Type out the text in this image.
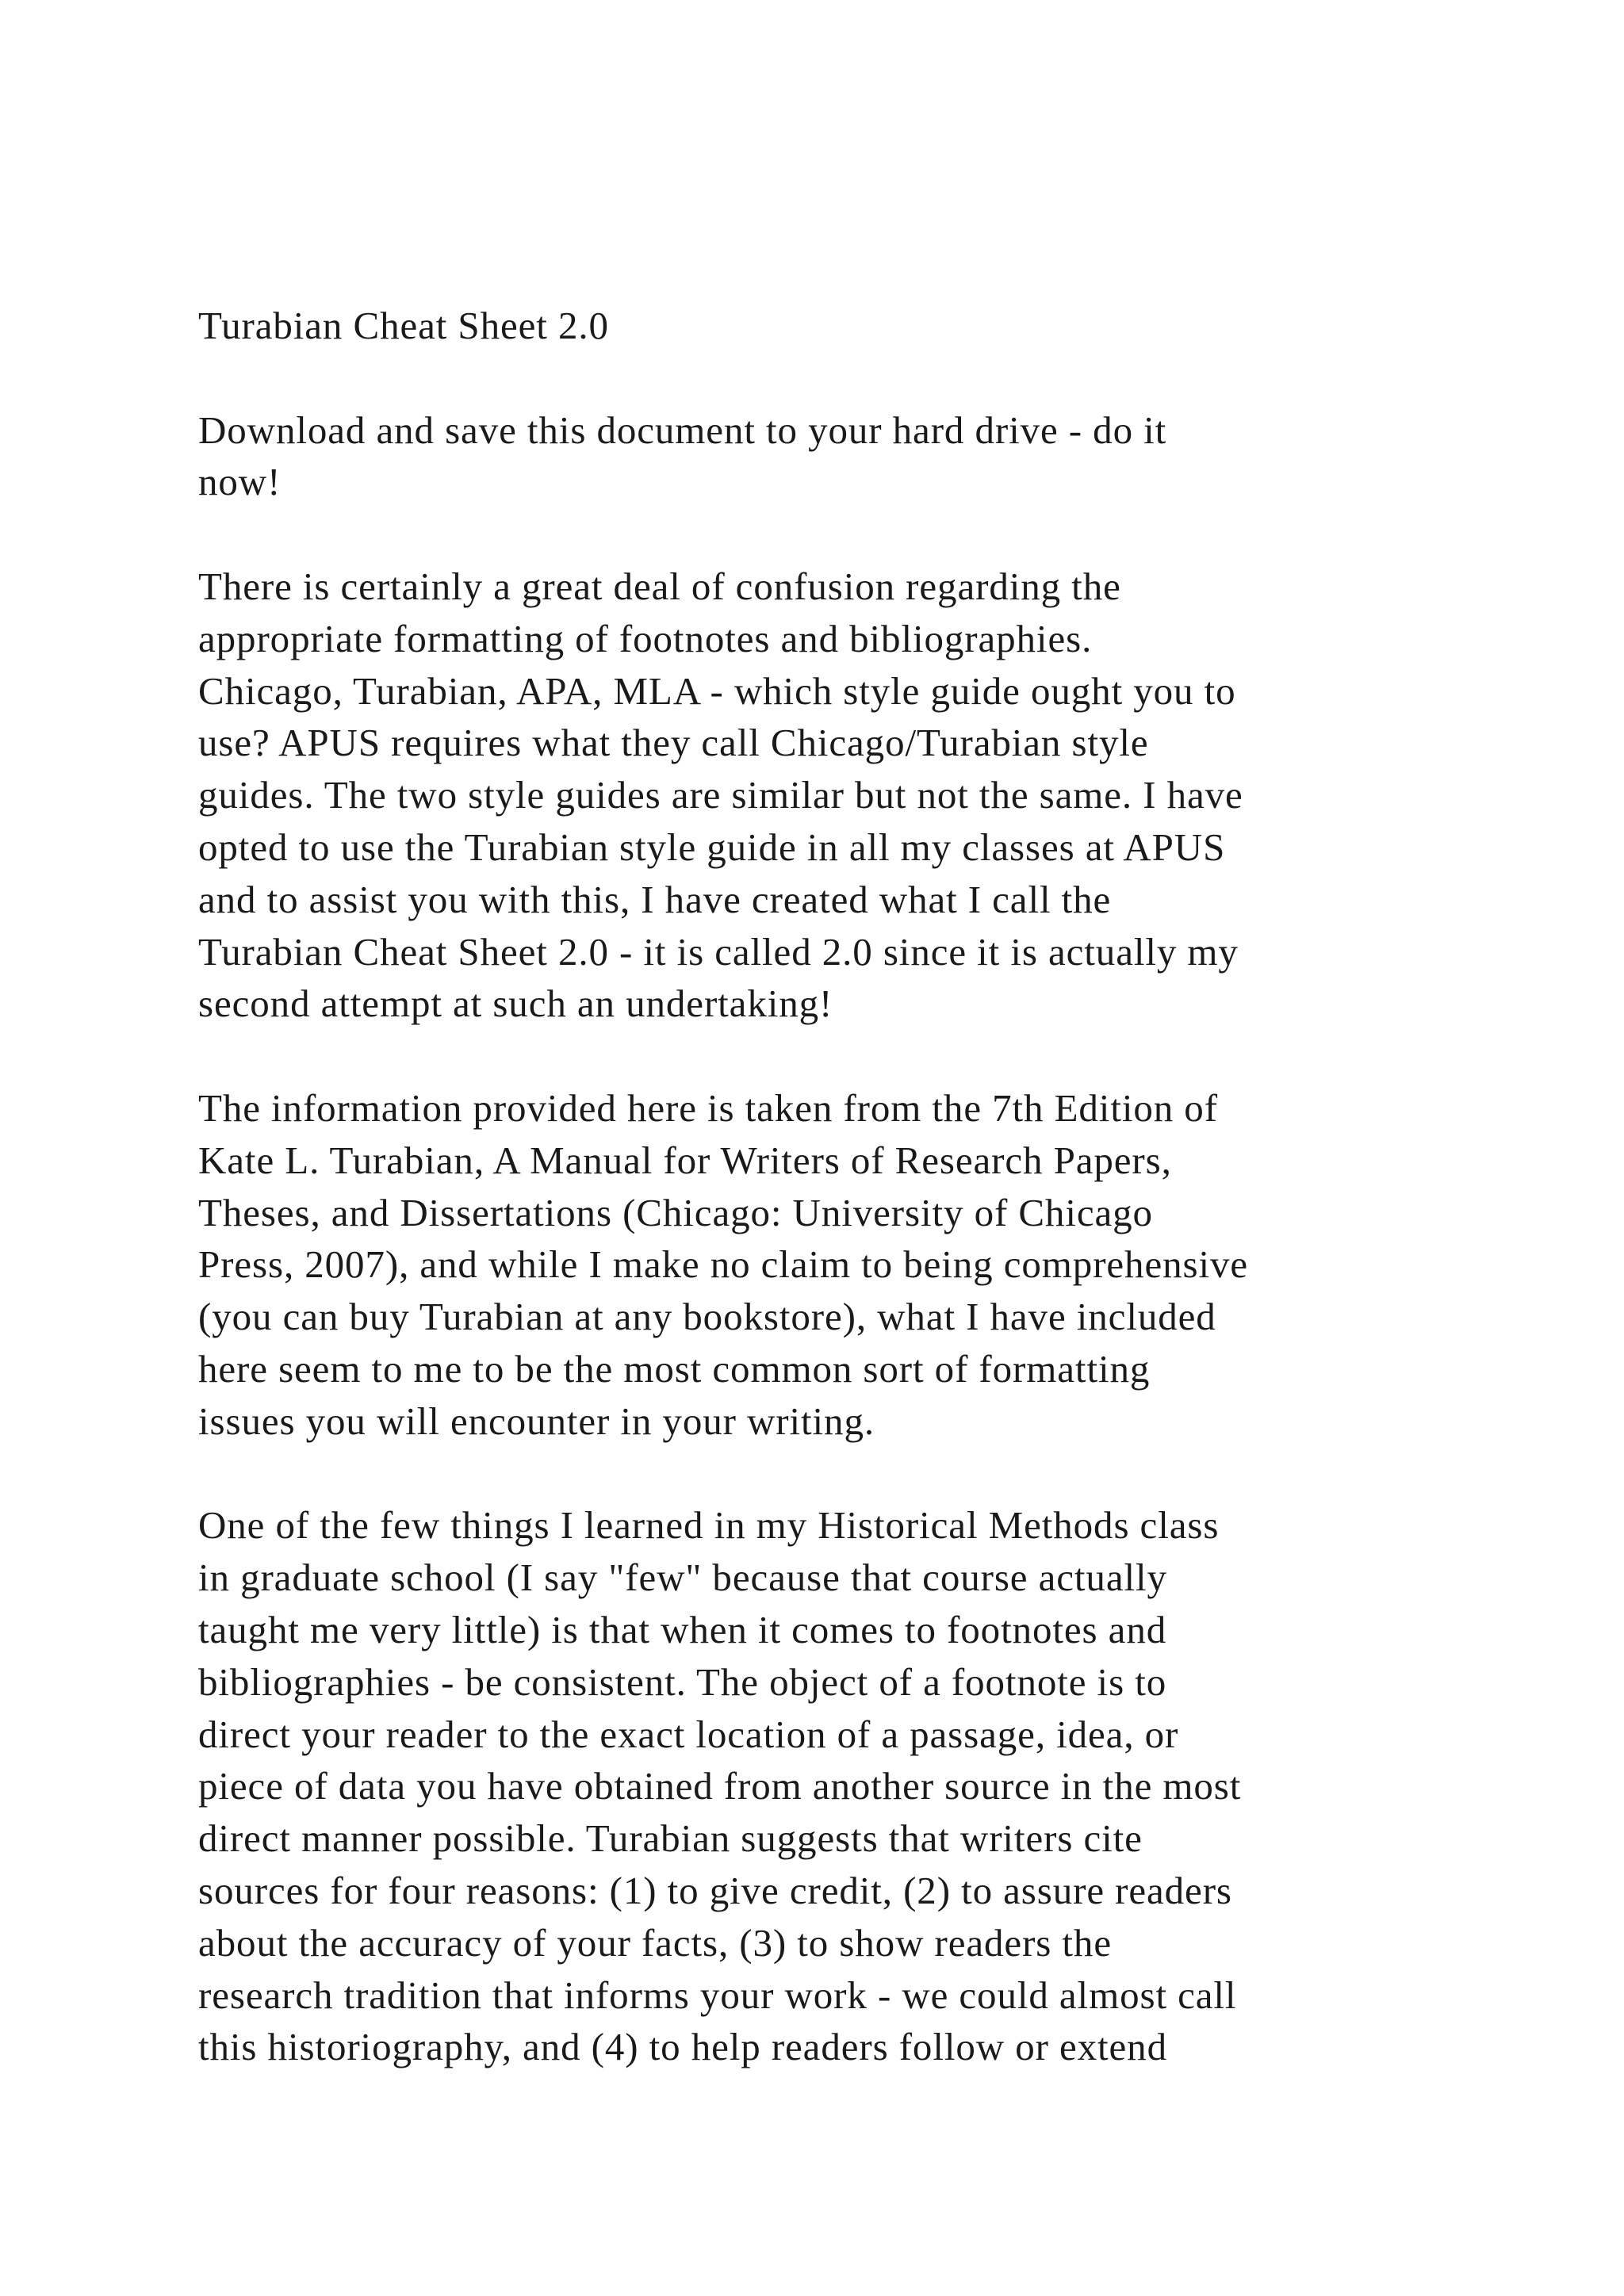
Turabian Cheat Sheet 2.0
Download and save this document to your hard drive - do it
now!
There is certainly a great deal of confusion regarding the
appropriate formatting of footnotes and bibliographies.
Chicago, Turabian, APA, MLA - which style guide ought you to
use? APUS requires what they call Chicago/Turabian style
guides. The two style guides are similar but not the same. I have
opted to use the Turabian style guide in all my classes at APUS
and to assist you with this, I have created what I call the
Turabian Cheat Sheet 2.0 - it is called 2.0 since it is actually my
second attempt at such an undertaking!
The information provided here is taken from the 7th Edition of
Kate L. Turabian, A Manual for Writers of Research Papers,
Theses, and Dissertations (Chicago: University of Chicago
Press, 2007), and while I make no claim to being comprehensive
(you can buy Turabian at any bookstore), what I have included
here seem to me to be the most common sort of formatting
issues you will encounter in your writing.
One of the few things I learned in my Historical Methods class
in graduate school (I say "few" because that course actually
taught me very little) is that when it comes to footnotes and
bibliographies - be consistent. The object of a footnote is to
direct your reader to the exact location of a passage, idea, or
piece of data you have obtained from another source in the most
direct manner possible. Turabian suggests that writers cite
sources for four reasons: (1) to give credit, (2) to assure readers
about the accuracy of your facts, (3) to show readers the
research tradition that informs your work - we could almost call
this historiography, and (4) to help readers follow or extend
